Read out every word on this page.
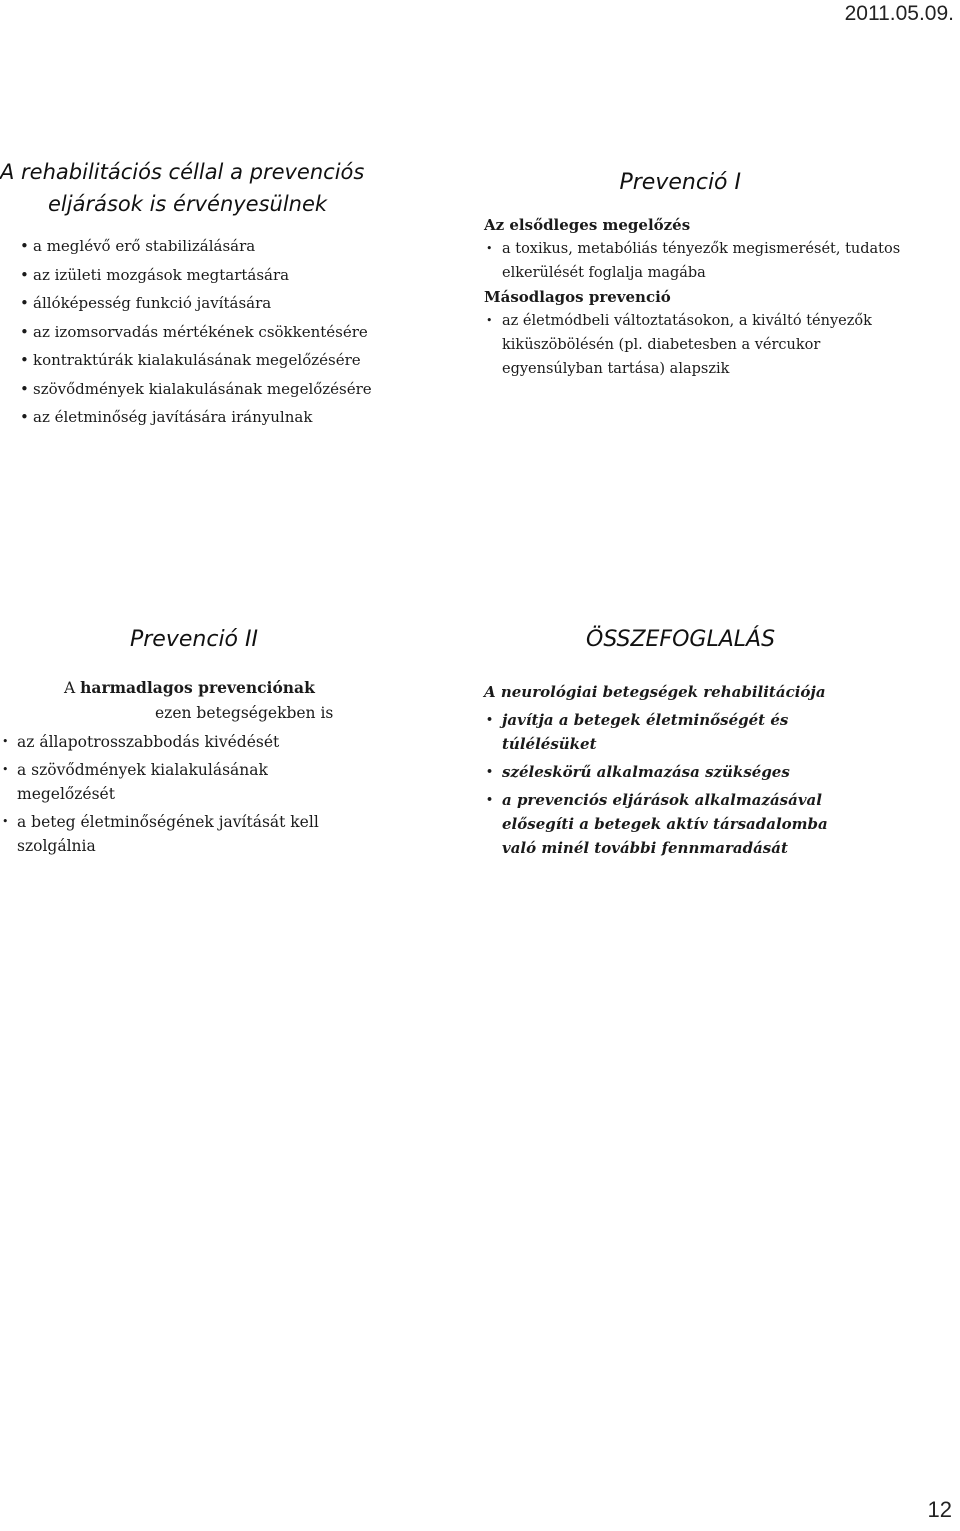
2011.05.09.
A rehabilitációs céllal a prevenciós
eljárások is érvényesülnek
• a meglévő erő stabilizálására
• az izületi mozgások megtartására
• állóképesség funkció javítására
• az izomsorvadás mértékének csökkentésére
• kontraktúrák kialakulásának megelőzésére
• szövődmények kialakulásának megelőzésére
• az életminőség javítására irányulnak
Prevenció I
Az elsődleges megelőzés
• a toxikus, metabóliás tényezők megismerését, tudatos elkerülését foglalja magába
Másodlagos prevenció
• az életmódbeli változtatásokon, a kiváltó tényezők kiküszöbölésén (pl. diabetesben a vércukor egyensúlyban tartása) alapszik
Prevenció II
A harmadlagos prevenciónak
ezen betegségekben is
• az állapotrosszabbodás kivédését
• a szövődmények kialakulásának megelőzését
• a beteg életminőségének javítását kell szolgálnia
ÖSSZEFOGLALÁS
A neurológiai betegségek rehabilitációja
• javítja a betegek életminőségét és túlélésüket
• széleskörű alkalmazása szükséges
• a prevenciós eljárások alkalmazásával elősegíti a betegek aktív társadalomba való minél további fennmaradását
12
